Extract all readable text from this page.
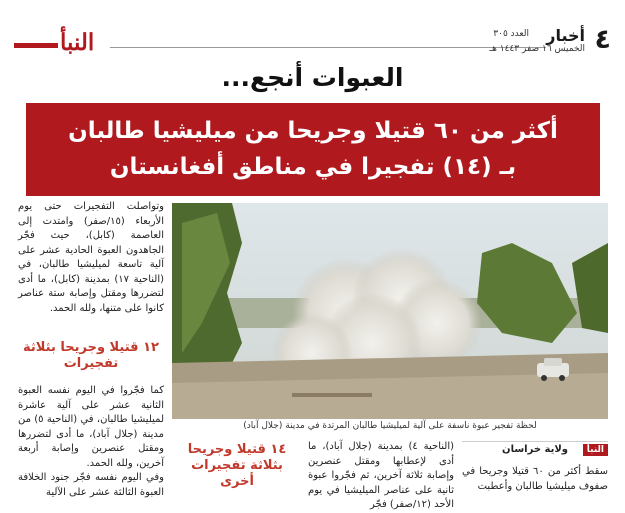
النبأ	٤
أخبار
العدد ٣٠٥
الخميس ١٦ صفر ١٤٤٣ هـ
العبوات أنجع...
أكثر من ٦٠ قتيلا وجريحا من ميليشيا طالبان
بـ (١٤) تفجيرا في مناطق أفغانستان

وتواصلت التفجيرات حتى يوم الأربعاء (١٥/صفر) وامتدت إلى العاصمة (كابل)، حيث فجّر الجاهدون العبوة الحادية عشر على آلية تاسعة لميليشيا طالبان، في (الناحية ١٧) بمدينة (كابل)، ما أدى لتضررها ومقتل وإصابة ستة عناصر كانوا على متنها، ولله الحمد.

١٢ قتيلا وجريحا بثلاثة تفجيرات

كما فجّروا في اليوم نفسه العبوة الثانية عشر على آلية عاشرة لميليشيا طالبان، في (الناحية ٥) من مدينة (جلال آباد)، ما أدى لتضررها ومقتل عنصرين وإصابة أربعة آخرين، ولله الحمد.

وفي اليوم نفسه فجّر جنود الخلافة العبوة الثالثة عشر على الآلية

لحظة تفجير عبوة ناسفة على آلية لميليشيا طالبان المرتدة في مدينة (جلال آباد)
١٤ قتيلا وجريحا بثلاثة تفجيرات أخرى

(الناحية ٤) بمدينة (جلال آباد)، ما أدى لإعطابها ومقتل عنصرين وإصابة ثلاثة آخرين، ثم فجّروا عبوة ثانية على عناصر الميليشيا في يوم الأحد (١٢/صفر) فجّر

النبأ
ولاية خراسان

سقط أكثر من ٦٠ قتيلا وجريحا في صفوف ميليشيا طالبان وأعطبت
